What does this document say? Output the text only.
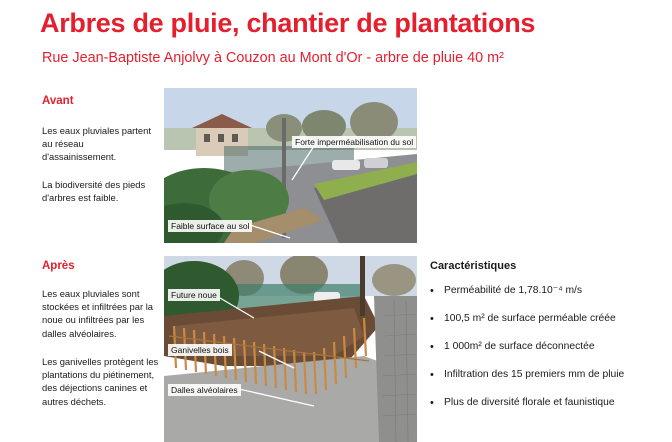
Arbres de pluie, chantier de plantations
Rue Jean-Baptiste Anjolvy à Couzon au Mont d'Or - arbre de pluie 40 m²
Avant
Les eaux pluviales partent au réseau d'assainissement.
La biodiversité des pieds d'arbres est faible.
Forte imperméabilisation du sol
Faible surface au sol
Après
Les eaux pluviales sont stockées et infiltrées par la noue ou infiltrées par les dalles alvéolaires.
Les ganivelles protègent les plantations du piétinement, des déjections canines et autres déchets.
Future noue
Ganivelles bois
Dalles alvéolaires
Caractéristiques
• Perméabilité de 1,78.10⁻⁴ m/s
• 100,5 m² de surface perméable créée
• 1 000m² de surface déconnectée
• Infiltration des 15 premiers mm de pluie
• Plus de diversité florale et faunistique
